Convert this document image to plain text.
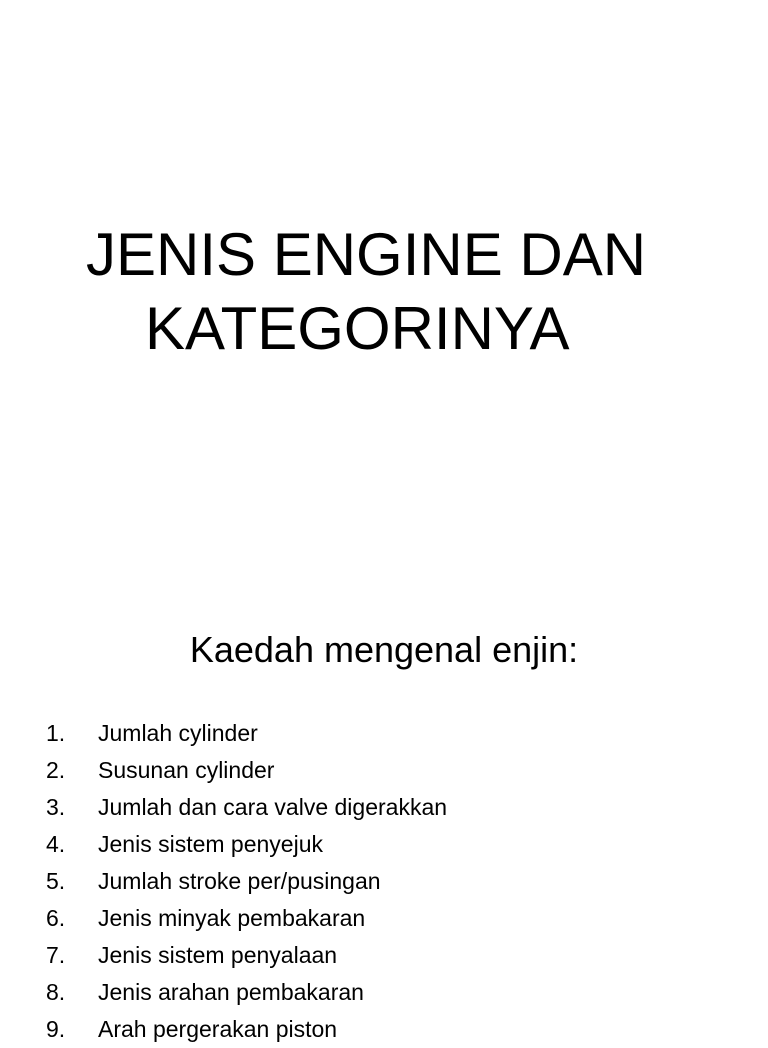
JENIS ENGINE DAN
KATEGORINYA
Kaedah mengenal enjin:
1.	Jumlah cylinder
2.	Susunan cylinder
3.	Jumlah dan cara valve digerakkan
4.	Jenis sistem penyejuk
5.	Jumlah stroke per/pusingan
6.	Jenis minyak pembakaran
7.	Jenis sistem penyalaan
8.	Jenis arahan pembakaran
9.	Arah pergerakan piston
